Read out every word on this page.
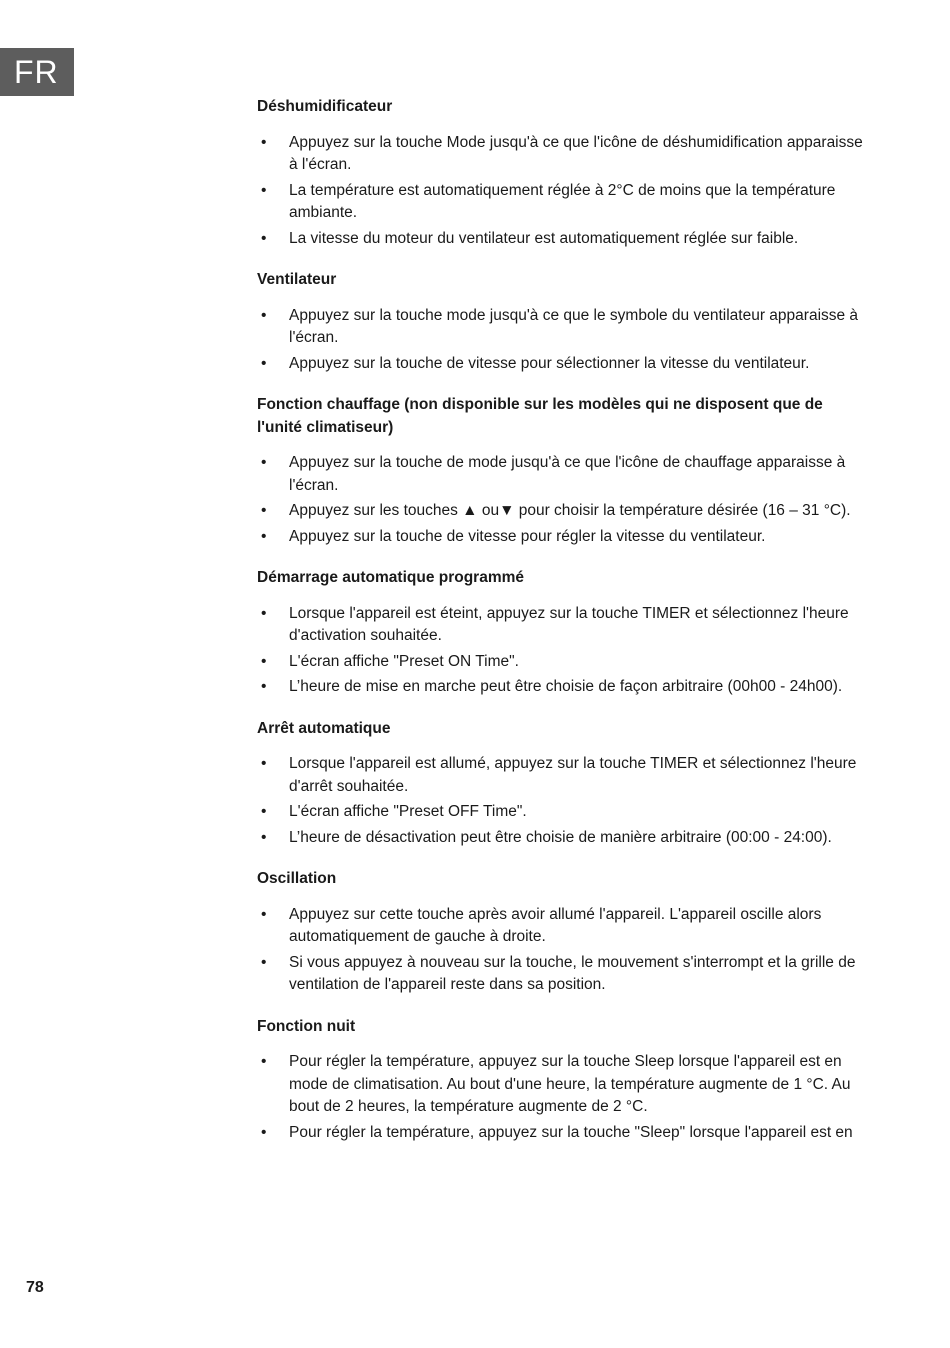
FR
Déshumidificateur
• Appuyez sur la touche Mode jusqu'à ce que l'icône de déshumidification apparaisse à l'écran.
• La température est automatiquement réglée à 2°C de moins que la température ambiante.
• La vitesse du moteur du ventilateur est automatiquement réglée sur faible.
Ventilateur
• Appuyez sur la touche mode jusqu'à ce que le symbole du ventilateur apparaisse à l'écran.
• Appuyez sur la touche de vitesse pour sélectionner la vitesse du ventilateur.
Fonction chauffage (non disponible sur les modèles qui ne disposent que de l'unité climatiseur)
• Appuyez sur la touche de mode jusqu'à ce que l'icône de chauffage apparaisse à l'écran.
• Appuyez sur les touches ▲ ou▼ pour choisir la température désirée (16 – 31 °C).
• Appuyez sur la touche de vitesse pour régler la vitesse du ventilateur.
Démarrage automatique programmé
• Lorsque l'appareil est éteint, appuyez sur la touche TIMER et sélectionnez l'heure d'activation souhaitée.
• L'écran affiche "Preset ON Time".
• L’heure de mise en marche peut être choisie de façon arbitraire (00h00 - 24h00).
Arrêt automatique
• Lorsque l'appareil est allumé, appuyez sur la touche TIMER et sélectionnez l'heure d'arrêt souhaitée.
• L'écran affiche "Preset OFF Time".
• L’heure de désactivation peut être choisie de manière arbitraire (00:00 - 24:00).
Oscillation
• Appuyez sur cette touche après avoir allumé l'appareil. L'appareil oscille alors automatiquement de gauche à droite.
• Si vous appuyez à nouveau sur la touche, le mouvement s'interrompt et la grille de ventilation de l'appareil reste dans sa position.
Fonction nuit
• Pour régler la température, appuyez sur la touche Sleep lorsque l'appareil est en mode de climatisation. Au bout d'une heure, la température augmente de 1 °C. Au bout de 2 heures, la température augmente de 2 °C.
• Pour régler la température, appuyez sur la touche "Sleep" lorsque l'appareil est en
78
